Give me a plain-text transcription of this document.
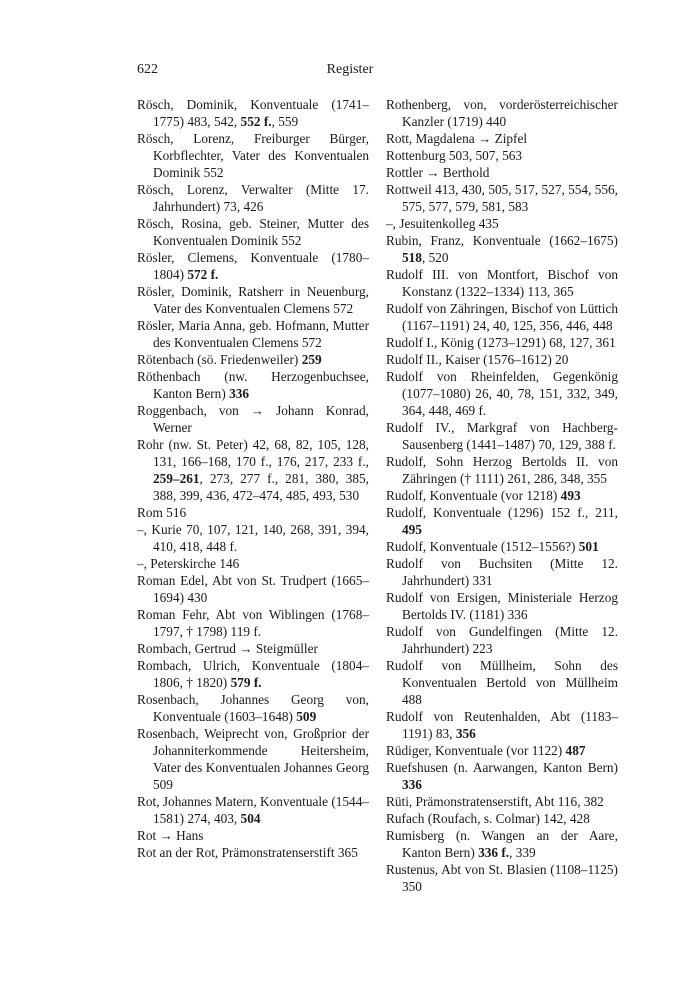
622	Register

Rösch, Dominik, Konventuale (1741–1775) 483, 542, 552 f., 559

Rösch, Lorenz, Freiburger Bürger, Korbflechter, Vater des Konventualen Dominik 552

Rösch, Lorenz, Verwalter (Mitte 17. Jahrhundert) 73, 426

Rösch, Rosina, geb. Steiner, Mutter des Konventualen Dominik 552

Rösler, Clemens, Konventuale (1780–1804) 572 f.

Rösler, Dominik, Ratsherr in Neuenburg, Vater des Konventualen Clemens 572

Rösler, Maria Anna, geb. Hofmann, Mutter des Konventualen Clemens 572

Rötenbach (sö. Friedenweiler) 259

Röthenbach (nw. Herzogenbuchsee, Kanton Bern) 336

Roggenbach, von → Johann Konrad, Werner

Rohr (nw. St. Peter) 42, 68, 82, 105, 128, 131, 166–168, 170 f., 176, 217, 233 f., 259–261, 273, 277 f., 281, 380, 385, 388, 399, 436, 472–474, 485, 493, 530

Rom 516

–, Kurie 70, 107, 121, 140, 268, 391, 394, 410, 418, 448 f.

–, Peterskirche 146

Roman Edel, Abt von St. Trudpert (1665–1694) 430

Roman Fehr, Abt von Wiblingen (1768–1797, † 1798) 119 f.

Rombach, Gertrud → Steigmüller

Rombach, Ulrich, Konventuale (1804–1806, † 1820) 579 f.

Rosenbach, Johannes Georg von, Konventuale (1603–1648) 509

Rosenbach, Weiprecht von, Großprior der Johanniterkommende Heitersheim, Vater des Konventualen Johannes Georg 509

Rot, Johannes Matern, Konventuale (1544–1581) 274, 403, 504

Rot → Hans

Rot an der Rot, Prämonstratenserstift 365

Rothenberg, von, vorderösterreichischer Kanzler (1719) 440

Rott, Magdalena → Zipfel

Rottenburg 503, 507, 563

Rottler → Berthold

Rottweil 413, 430, 505, 517, 527, 554, 556, 575, 577, 579, 581, 583

–, Jesuitenkolleg 435

Rubin, Franz, Konventuale (1662–1675) 518, 520

Rudolf III. von Montfort, Bischof von Konstanz (1322–1334) 113, 365

Rudolf von Zähringen, Bischof von Lüttich (1167–1191) 24, 40, 125, 356, 446, 448

Rudolf I., König (1273–1291) 68, 127, 361

Rudolf II., Kaiser (1576–1612) 20

Rudolf von Rheinfelden, Gegenkönig (1077–1080) 26, 40, 78, 151, 332, 349, 364, 448, 469 f.

Rudolf IV., Markgraf von Hachberg-Sausenberg (1441–1487) 70, 129, 388 f.

Rudolf, Sohn Herzog Bertolds II. von Zähringen († 1111) 261, 286, 348, 355

Rudolf, Konventuale (vor 1218) 493

Rudolf, Konventuale (1296) 152 f., 211, 495

Rudolf, Konventuale (1512–1556?) 501

Rudolf von Buchsiten (Mitte 12. Jahrhundert) 331

Rudolf von Ersigen, Ministeriale Herzog Bertolds IV. (1181) 336

Rudolf von Gundelfingen (Mitte 12. Jahrhundert) 223

Rudolf von Müllheim, Sohn des Konventualen Bertold von Müllheim 488

Rudolf von Reutenhalden, Abt (1183–1191) 83, 356

Rüdiger, Konventuale (vor 1122) 487

Ruefshusen (n. Aarwangen, Kanton Bern) 336

Rüti, Prämonstratenserstift, Abt 116, 382

Rufach (Roufach, s. Colmar) 142, 428

Rumisberg (n. Wangen an der Aare, Kanton Bern) 336 f., 339

Rustenus, Abt von St. Blasien (1108–1125) 350
